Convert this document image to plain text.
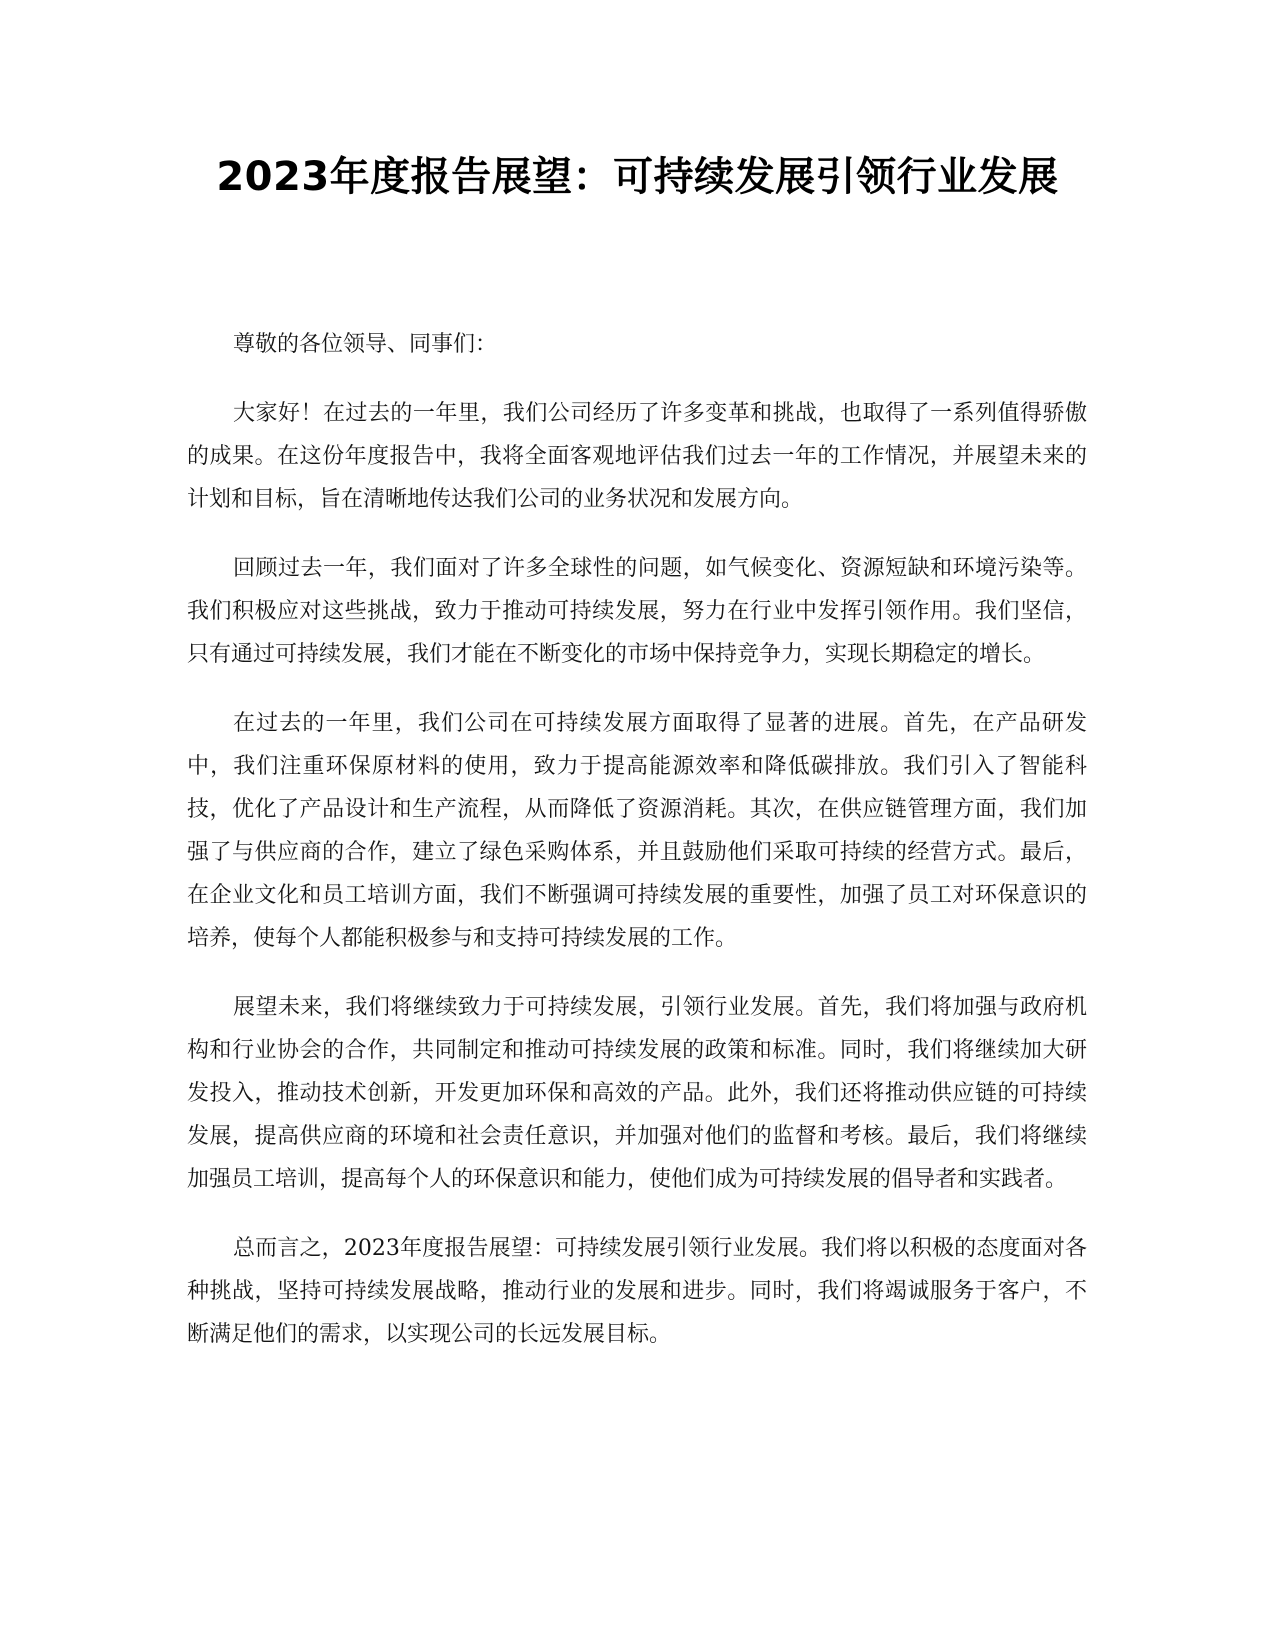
2023年度报告展望：可持续发展引领行业发展

尊敬的各位领导、同事们：

大家好！在过去的一年里，我们公司经历了许多变革和挑战，也取得了一系列值得骄傲的成果。在这份年度报告中，我将全面客观地评估我们过去一年的工作情况，并展望未来的计划和目标，旨在清晰地传达我们公司的业务状况和发展方向。

回顾过去一年，我们面对了许多全球性的问题，如气候变化、资源短缺和环境污染等。我们积极应对这些挑战，致力于推动可持续发展，努力在行业中发挥引领作用。我们坚信，只有通过可持续发展，我们才能在不断变化的市场中保持竞争力，实现长期稳定的增长。

在过去的一年里，我们公司在可持续发展方面取得了显著的进展。首先，在产品研发中，我们注重环保原材料的使用，致力于提高能源效率和降低碳排放。我们引入了智能科技，优化了产品设计和生产流程，从而降低了资源消耗。其次，在供应链管理方面，我们加强了与供应商的合作，建立了绿色采购体系，并且鼓励他们采取可持续的经营方式。最后，在企业文化和员工培训方面，我们不断强调可持续发展的重要性，加强了员工对环保意识的培养，使每个人都能积极参与和支持可持续发展的工作。

展望未来，我们将继续致力于可持续发展，引领行业发展。首先，我们将加强与政府机构和行业协会的合作，共同制定和推动可持续发展的政策和标准。同时，我们将继续加大研发投入，推动技术创新，开发更加环保和高效的产品。此外，我们还将推动供应链的可持续发展，提高供应商的环境和社会责任意识，并加强对他们的监督和考核。最后，我们将继续加强员工培训，提高每个人的环保意识和能力，使他们成为可持续发展的倡导者和实践者。

总而言之，2023年度报告展望：可持续发展引领行业发展。我们将以积极的态度面对各种挑战，坚持可持续发展战略，推动行业的发展和进步。同时，我们将竭诚服务于客户，不断满足他们的需求，以实现公司的长远发展目标。
